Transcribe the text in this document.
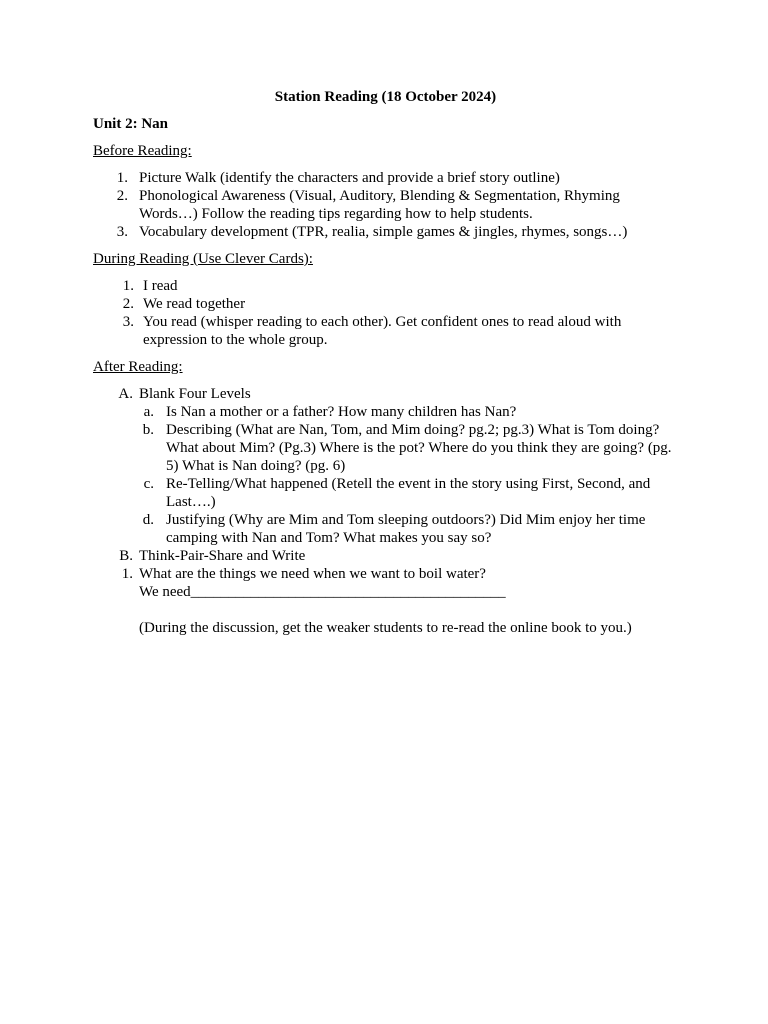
Station Reading (18 October 2024)

Unit 2: Nan

Before Reading:

1. Picture Walk (identify the characters and provide a brief story outline)
2. Phonological Awareness (Visual, Auditory, Blending & Segmentation, Rhyming Words…) Follow the reading tips regarding how to help students.
3. Vocabulary development (TPR, realia, simple games & jingles, rhymes, songs…)

During Reading (Use Clever Cards):

1. I read
2. We read together
3. You read (whisper reading to each other). Get confident ones to read aloud with expression to the whole group.

After Reading:

A. Blank Four Levels
a. Is Nan a mother or a father? How many children has Nan?
b. Describing (What are Nan, Tom, and Mim doing? pg.2; pg.3) What is Tom doing? What about Mim? (Pg.3) Where is the pot? Where do you think they are going? (pg. 5) What is Nan doing? (pg. 6)
c. Re-Telling/What happened (Retell the event in the story using First, Second, and Last….)
d. Justifying (Why are Mim and Tom sleeping outdoors?) Did Mim enjoy her time camping with Nan and Tom? What makes you say so?
B. Think-Pair-Share and Write
1. What are the things we need when we want to boil water?

We need__________________________________________

(During the discussion, get the weaker students to re-read the online book to you.)
